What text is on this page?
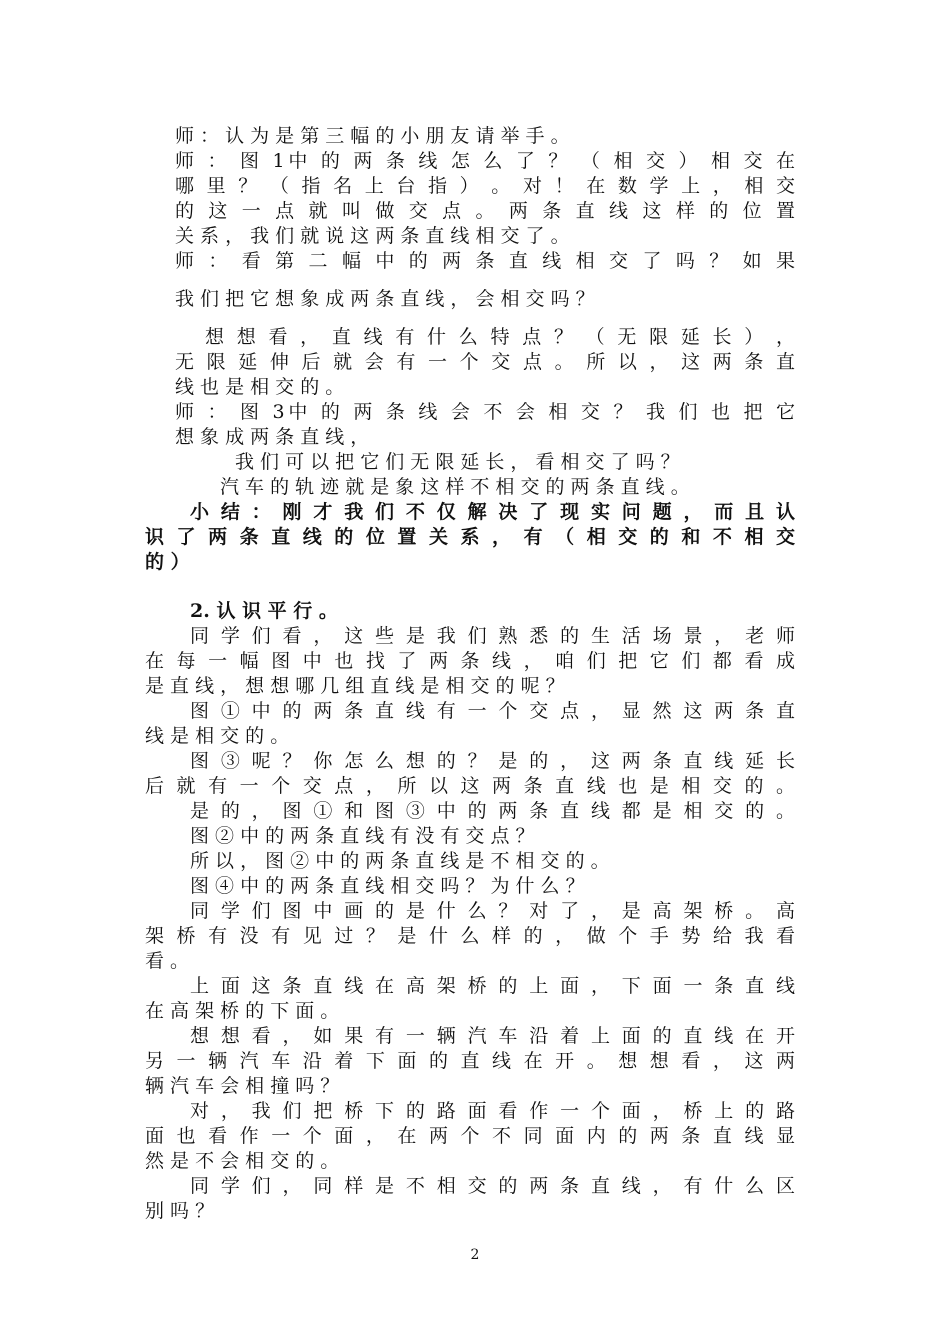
师 ： 认 为 是 第 三 幅 的 小 朋 友 请 举 手 。
师 ： 图 1中 的 两 条 线 怎 么 了 ？ （ 相 交 ） 相 交 在
哪 里 ？ （ 指 名 上 台 指 ） 。 对 ！ 在 数 学 上 ， 相 交
的 这 一 点 就 叫 做 交 点 。 两 条 直 线 这 样 的 位 置
关 系 ， 我 们 就 说 这 两 条 直 线 相 交 了 。
师 ： 看 第 二 幅 中 的 两 条 直 线 相 交 了 吗 ？ 如 果
我 们 把 它 想 象 成 两 条 直 线 ， 会 相 交 吗 ？
想 想 看 ， 直 线 有 什 么 特 点 ？ （ 无 限 延 长 ） ，
无 限 延 伸 后 就 会 有 一 个 交 点 。 所 以 ， 这 两 条 直
线 也 是 相 交 的 。
师 ： 图 3中 的 两 条 线 会 不 会 相 交 ？ 我 们 也 把 它
想 象 成 两 条 直 线 ，
我 们 可 以 把 它 们 无 限 延 长 ， 看 相 交 了 吗 ？
汽 车 的 轨 迹 就 是 象 这 样 不 相 交 的 两 条 直 线 。
小 结 ： 刚 才 我 们 不 仅 解 决 了 现 实 问 题 ， 而 且 认
识 了 两 条 直 线 的 位 置 关 系 ， 有 （ 相 交 的 和 不 相 交
的 ）
2. 认 识 平 行 。
同 学 们 看 ， 这 些 是 我 们 熟 悉 的 生 活 场 景 ， 老 师
在 每 一 幅 图 中 也 找 了 两 条 线 ， 咱 们 把 它 们 都 看 成
是 直 线 ， 想 想 哪 几 组 直 线 是 相 交 的 呢 ？
图 ① 中 的 两 条 直 线 有 一 个 交 点 ， 显 然 这 两 条 直
线 是 相 交 的 。
图 ③ 呢 ？ 你 怎 么 想 的 ？ 是 的 ， 这 两 条 直 线 延 长
后 就 有 一 个 交 点 ， 所 以 这 两 条 直 线 也 是 相 交 的 。
是 的 ， 图 ① 和 图 ③ 中 的 两 条 直 线 都 是 相 交 的 。
图 ② 中 的 两 条 直 线 有 没 有 交 点 ？
所 以 ， 图 ② 中 的 两 条 直 线 是 不 相 交 的 。
图 ④ 中 的 两 条 直 线 相 交 吗 ？ 为 什 么 ？
同 学 们 图 中 画 的 是 什 么 ？ 对 了 ， 是 高 架 桥 。 高
架 桥 有 没 有 见 过 ？ 是 什 么 样 的 ， 做 个 手 势 给 我 看
看 。
上 面 这 条 直 线 在 高 架 桥 的 上 面 ， 下 面 一 条 直 线
在 高 架 桥 的 下 面 。
想 想 看 ， 如 果 有 一 辆 汽 车 沿 着 上 面 的 直 线 在 开
另 一 辆 汽 车 沿 着 下 面 的 直 线 在 开 。 想 想 看 ， 这 两
辆 汽 车 会 相 撞 吗 ？
对 ， 我 们 把 桥 下 的 路 面 看 作 一 个 面 ， 桥 上 的 路
面 也 看 作 一 个 面 ， 在 两 个 不 同 面 内 的 两 条 直 线 显
然 是 不 会 相 交 的 。
同 学 们 ， 同 样 是 不 相 交 的 两 条 直 线 ， 有 什 么 区
别 吗 ？
2
